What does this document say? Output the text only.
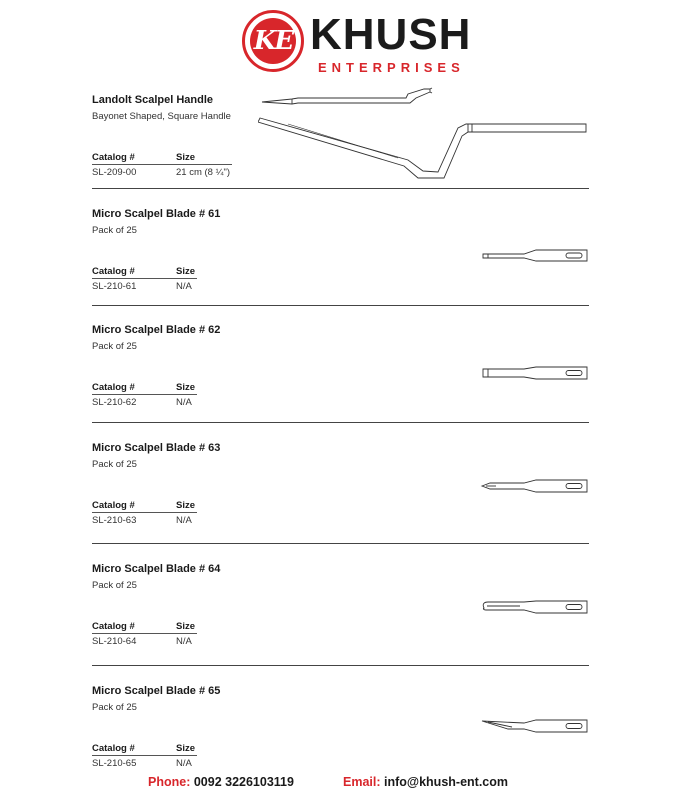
KE KHUSH
ENTERPRISES
Landolt Scalpel Handle
Bayonet Shaped, Square Handle
Catalog #	Size
SL-209-00	21 cm (8 ¼")
Micro Scalpel Blade # 61
Pack of 25
Catalog #	Size
SL-210-61	N/A
Micro Scalpel Blade # 62
Pack of 25
Catalog #	Size
SL-210-62	N/A
Micro Scalpel Blade # 63
Pack of 25
Catalog #	Size
SL-210-63	N/A
Micro Scalpel Blade # 64
Pack of 25
Catalog #	Size
SL-210-64	N/A
Micro Scalpel Blade # 65
Pack of 25
Catalog #	Size
SL-210-65	N/A
Phone: 0092 3226103119	Email: info@khush-ent.com
